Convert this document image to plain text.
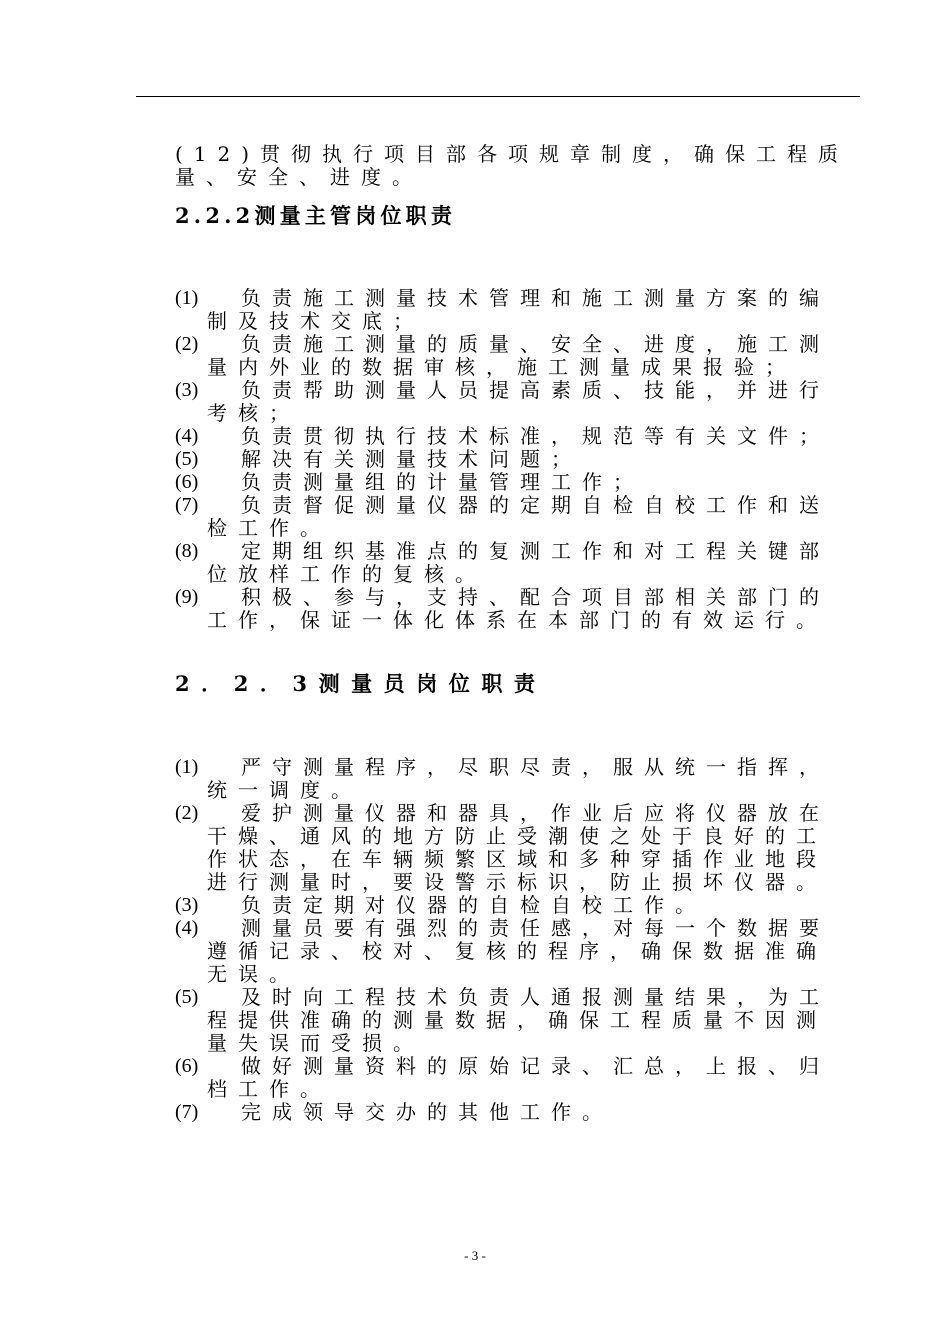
(12)贯彻执行项目部各项规章制度，确保工程质量、安全、进度。

2.2.2测量主管岗位职责
(1)	负责施工测量技术管理和施工测量方案的编制及技术交底；
(2)	负责施工测量的质量、安全、进度，施工测量内外业的数据审核，施工测量成果报验；
(3)	负责帮助测量人员提高素质、技能，并进行考核；
(4)	负责贯彻执行技术标准，规范等有关文件；
(5)	解决有关测量技术问题；
(6)	负责测量组的计量管理工作；
(7)	负责督促测量仪器的定期自检自校工作和送检工作。
(8)	定期组织基准点的复测工作和对工程关键部位放样工作的复核。
(9)	积极、参与，支持、配合项目部相关部门的工作，保证一体化体系在本部门的有效运行。
2．2．3测量员岗位职责
(1)	严守测量程序，尽职尽责，服从统一指挥，统一调度。
(2)	爱护测量仪器和器具，作业后应将仪器放在干燥、通风的地方防止受潮使之处于良好的工作状态，在车辆频繁区域和多种穿插作业地段进行测量时，要设警示标识，防止损坏仪器。
(3)	负责定期对仪器的自检自校工作。
(4)	测量员要有强烈的责任感，对每一个数据要遵循记录、校对、复核的程序，确保数据准确无误。
(5)	及时向工程技术负责人通报测量结果，为工程提供准确的测量数据，确保工程质量不因测量失误而受损。
(6)	做好测量资料的原始记录、汇总，上报、归档工作。
(7)	完成领导交办的其他工作。
- 3 -
